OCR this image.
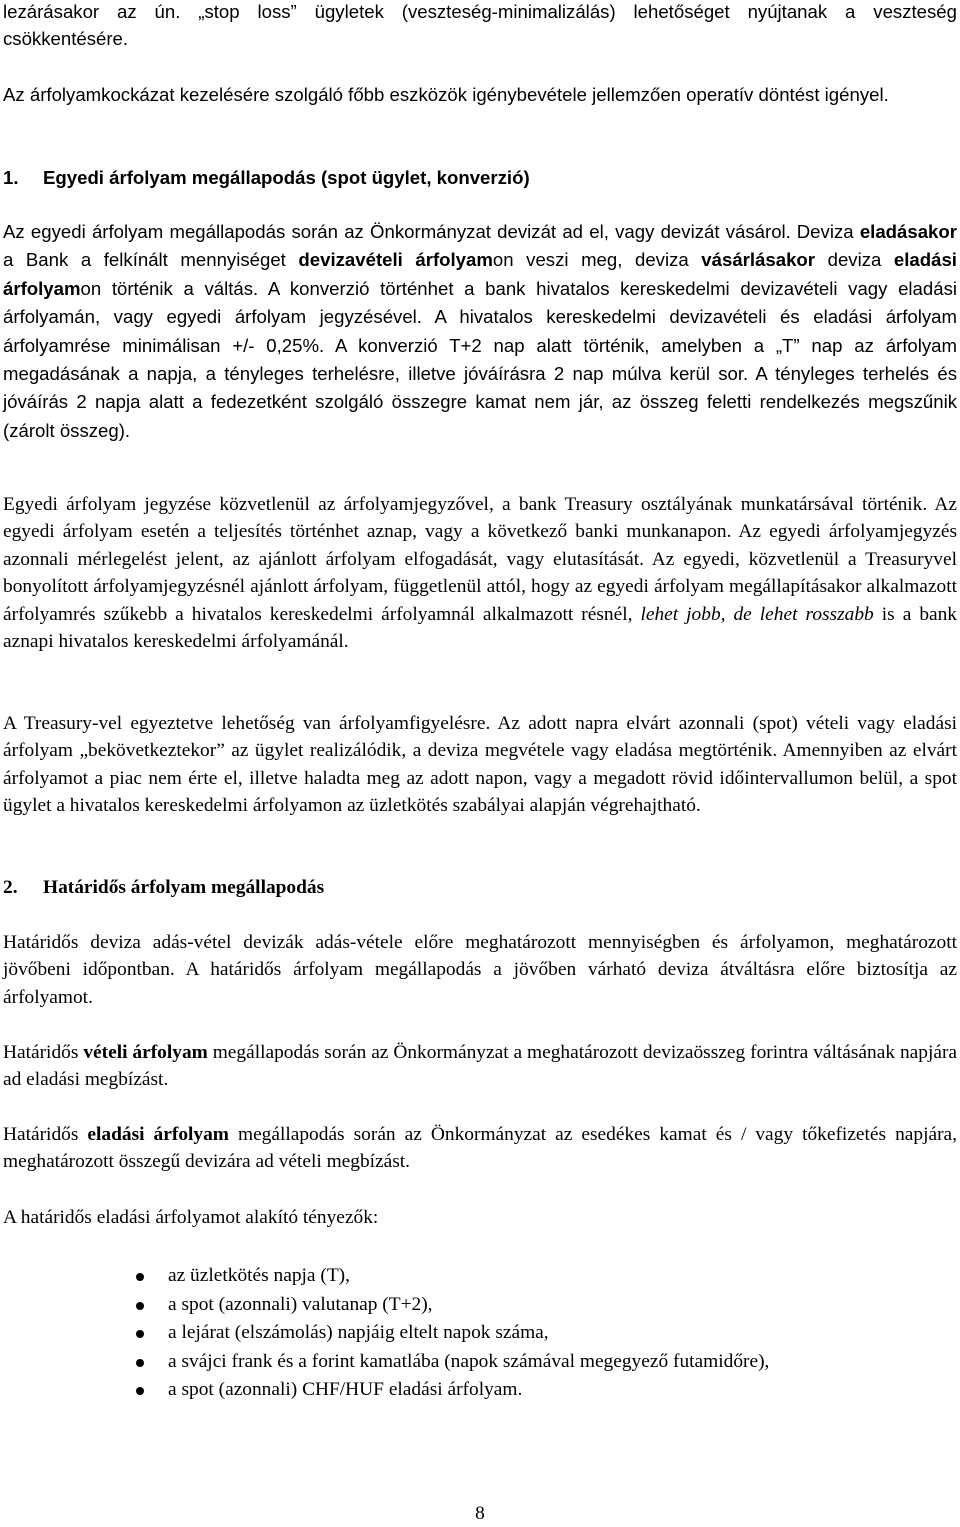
lezárásakor az ún. „stop loss” ügyletek (veszteség-minimalizálás) lehetőséget nyújtanak a veszteség csökkentésére.

Az árfolyamkockázat kezelésére szolgáló főbb eszközök igénybevétele jellemzően operatív döntést igényel.

1. Egyedi árfolyam megállapodás (spot ügylet, konverzió)

Az egyedi árfolyam megállapodás során az Önkormányzat devizát ad el, vagy devizát vásárol. Deviza eladásakor a Bank a felkínált mennyiséget devizavételi árfolyamon veszi meg, deviza vásárlásakor deviza eladási árfolyamon történik a váltás. A konverzió történhet a bank hivatalos kereskedelmi devizavételi vagy eladási árfolyamán, vagy egyedi árfolyam jegyzésével. A hivatalos kereskedelmi devizavételi és eladási árfolyam árfolyamrése minimálisan +/- 0,25%. A konverzió T+2 nap alatt történik, amelyben a „T” nap az árfolyam megadásának a napja, a tényleges terhelésre, illetve jóváírásra 2 nap múlva kerül sor. A tényleges terhelés és jóváírás 2 napja alatt a fedezetként szolgáló összegre kamat nem jár, az összeg feletti rendelkezés megszűnik (zárolt összeg).

Egyedi árfolyam jegyzése közvetlenül az árfolyamjegyzővel, a bank Treasury osztályának munkatársával történik. Az egyedi árfolyam esetén a teljesítés történhet aznap, vagy a következő banki munkanapon. Az egyedi árfolyamjegyzés azonnali mérlegelést jelent, az ajánlott árfolyam elfogadását, vagy elutasítását. Az egyedi, közvetlenül a Treasuryvel bonyolított árfolyamjegyzésnél ajánlott árfolyam, függetlenül attól, hogy az egyedi árfolyam megállapításakor alkalmazott árfolyamrés szűkebb a hivatalos kereskedelmi árfolyamnál alkalmazott résnél, lehet jobb, de lehet rosszabb is a bank aznapi hivatalos kereskedelmi árfolyamánál.

A Treasury-vel egyeztetve lehetőség van árfolyamfigyelésre. Az adott napra elvárt azonnali (spot) vételi vagy eladási árfolyam „bekövetkeztekor” az ügylet realizálódik, a deviza megvétele vagy eladása megtörténik. Amennyiben az elvárt árfolyamot a piac nem érte el, illetve haladta meg az adott napon, vagy a megadott rövid időintervallumon belül, a spot ügylet a hivatalos kereskedelmi árfolyamon az üzletkötés szabályai alapján végrehajtható.

2. Határidős árfolyam megállapodás

Határidős deviza adás-vétel devizák adás-vétele előre meghatározott mennyiségben és árfolyamon, meghatározott jövőbeni időpontban. A határidős árfolyam megállapodás a jövőben várható deviza átváltásra előre biztosítja az árfolyamot.

Határidős vételi árfolyam megállapodás során az Önkormányzat a meghatározott devizaösszeg forintra váltásának napjára ad eladási megbízást.

Határidős eladási árfolyam megállapodás során az Önkormányzat az esedékes kamat és / vagy tőkefizetés napjára, meghatározott összegű devizára ad vételi megbízást.

A határidős eladási árfolyamot alakító tényezők:

az üzletkötés napja (T),
a spot (azonnali) valutanap (T+2),
a lejárat (elszámolás) napjáig eltelt napok száma,
a svájci frank és a forint kamatlába (napok számával megegyező futamidőre),
a spot (azonnali) CHF/HUF eladási árfolyam.
8
